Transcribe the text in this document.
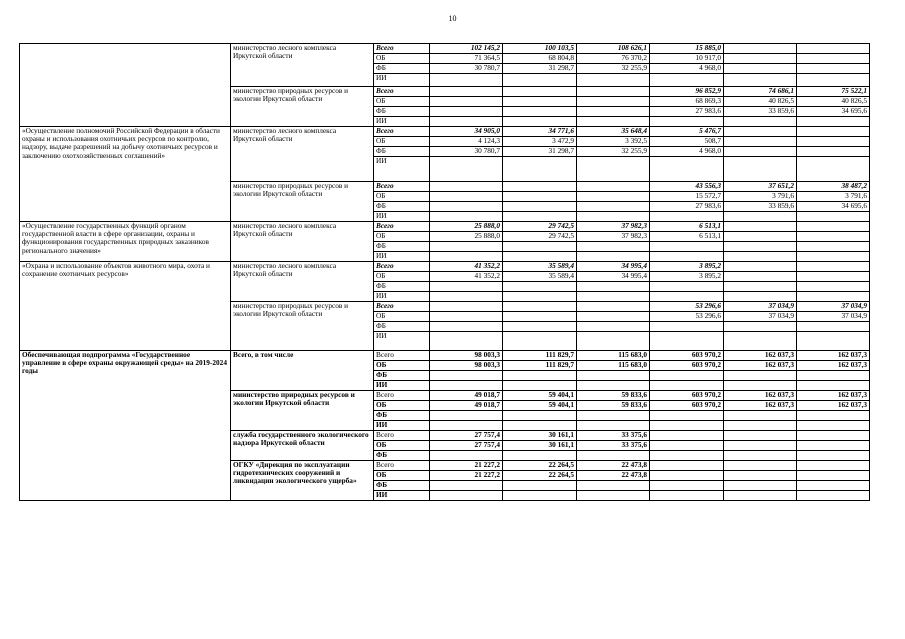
10
	министерство лесного комплекса Иркутской области	Всего	102 145,2	100 103,5	108 626,1	15 885,0		
		ОБ	71 364,5	68 804,8	76 370,2	10 917,0		
		ФБ	30 780,7	31 298,7	32 255,9	4 968,0		
		ИИ						
	министерство природных ресурсов и экологии Иркутской области	Всего				96 852,9	74 686,1	75 522,1
		ОБ				68 869,3	40 826,5	40 826,5
		ФБ				27 983,6	33 859,6	34 695,6
		ИИ						
«Осуществление полномочий Российской Федерации в области охраны и использования охотничьих ресурсов по контролю, надзору, выдаче разрешений на добычу охотничьих ресурсов и заключению охотхозяйственных соглашений»	министерство лесного комплекса Иркутской области	Всего	34 905,0	34 771,6	35 648,4	5 476,7		
		ОБ	4 124,3	3 472,9	3 392,5	508,7		
		ФБ	30 780,7	31 298,7	32 255,9	4 968,0		
		ИИ						
	министерство природных ресурсов и экологии Иркутской области	Всего				43 556,3	37 651,2	38 487,2
		ОБ				15 572,7	3 791,6	3 791,6
		ФБ				27 983,6	33 859,6	34 695,6
		ИИ						
«Осуществление государственных функций органом государственной власти в сфере организации, охраны и функционирования государственных природных заказников регионального значения»	министерство лесного комплекса Иркутской области	Всего	25 888,0	29 742,5	37 982,3	6 513,1		
		ОБ	25 888,0	29 742,5	37 982,3	6 513,1		
		ФБ						
		ИИ						
«Охрана и использование объектов животного мира, охота и сохранение охотничьих ресурсов»	министерство лесного комплекса Иркутской области	Всего	41 352,2	35 589,4	34 995,4	3 895,2		
		ОБ	41 352,2	35 589,4	34 995,4	3 895,2		
		ФБ						
		ИИ						
	министерство природных ресурсов и экологии Иркутской области	Всего				53 296,6	37 034,9	37 034,9
		ОБ				53 296,6	37 034,9	37 034,9
		ФБ						
		ИИ						
Обеспечивающая подпрограмма «Государственное управление в сфере охраны окружающей среды» на 2019-2024 годы	Всего, в том числе	Всего	98 003,3	111 829,7	115 683,0	603 970,2	162 037,3	162 037,3
		ОБ	98 003,3	111 829,7	115 683,0	603 970,2	162 037,3	162 037,3
		ФБ						
		ИИ						
	министерство природных ресурсов и экологии Иркутской области	Всего	49 018,7	59 404,1	59 833,6	603 970,2	162 037,3	162 037,3
		ОБ	49 018,7	59 404,1	59 833,6	603 970,2	162 037,3	162 037,3
		ФБ						
		ИИ						
	служба государственного экологического надзора Иркутской области	Всего	27 757,4	30 161,1	33 375,6			
		ОБ	27 757,4	30 161,1	33 375,6			
		ФБ						
	ОГКУ «Дирекция по эксплуатации гидротехнических сооружений и ликвидации экологического ущерба»	Всего	21 227,2	22 264,5	22 473,8			
		ОБ	21 227,2	22 264,5	22 473,8			
		ФБ						
		ИИ						
